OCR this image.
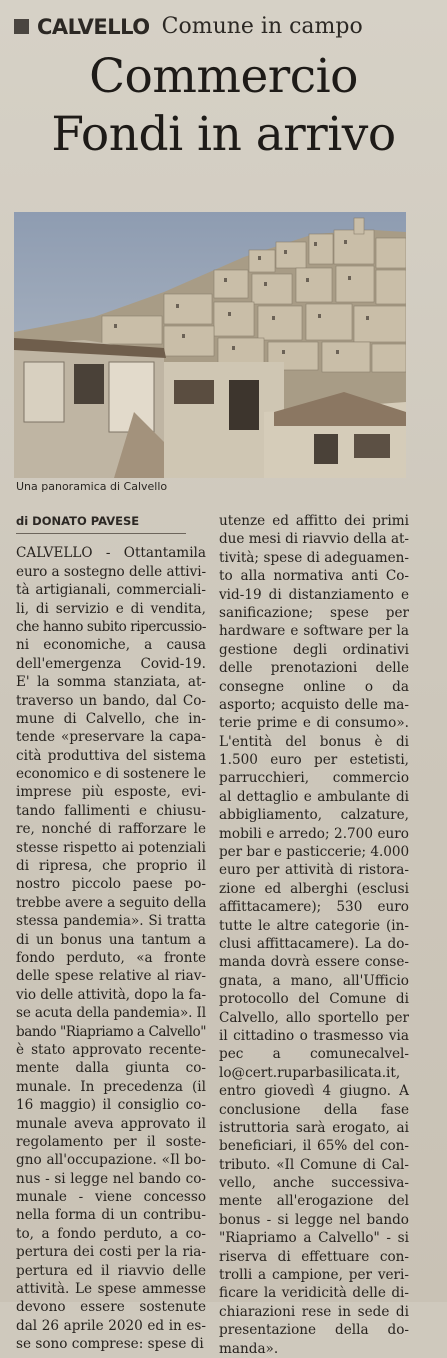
CALVELLO Comune in campo
Commercio
Fondi in arrivo
Una panoramica di Calvello
di DONATO PAVESE
CALVELLO - Ottantamila
euro a sostegno delle attivi-
tà artigianali, commerciali-
li, di servizio e di vendita,
che hanno subito ripercussio-
ni economiche, a causa
dell'emergenza Covid-19.
E' la somma stanziata, at-
traverso un bando, dal Co-
mune di Calvello, che in-
tende «preservare la capa-
cità produttiva del sistema
economico e di sostenere le
imprese più esposte, evi-
tando fallimenti e chiusu-
re, nonché di rafforzare le
stesse rispetto ai potenziali
di ripresa, che proprio il
nostro piccolo paese po-
trebbe avere a seguito della
stessa pandemia». Si tratta
di un bonus una tantum a
fondo perduto, «a fronte
delle spese relative al riav-
vio delle attività, dopo la fa-
se acuta della pandemia». Il
bando "Riapriamo a Calvello"
è stato approvato recente-
mente dalla giunta co-
munale. In precedenza (il
16 maggio) il consiglio co-
munale aveva approvato il
regolamento per il soste-
gno all'occupazione. «Il bo-
nus - si legge nel bando co-
munale - viene concesso
nella forma di un contribu-
to, a fondo perduto, a co-
pertura dei costi per la ria-
pertura ed il riavvio delle
attività. Le spese ammesse
devono essere sostenute
dal 26 aprile 2020 ed in es-
se sono comprese: spese di
utenze ed affitto dei primi
due mesi di riavvio della at-
tività; spese di adeguamen-
to alla normativa anti Co-
vid-19 di distanziamento e
sanificazione; spese per
hardware e software per la
gestione degli ordinativi
delle prenotazioni delle
consegne online o da
asporto; acquisto delle ma-
terie prime e di consumo».
L'entità del bonus è di
1.500 euro per estetisti,
parrucchieri, commercio
al dettaglio e ambulante di
abbigliamento, calzature,
mobili e arredo; 2.700 euro
per bar e pasticcerie; 4.000
euro per attività di ristora-
zione ed alberghi (esclusi
affittacamere); 530 euro
tutte le altre categorie (in-
clusi affittacamere). La do-
manda dovrà essere conse-
gnata, a mano, all'Ufficio
protocollo del Comune di
Calvello, allo sportello per
il cittadino o trasmesso via
pec a comunecalvel-
lo@cert.ruparbasilicata.it,
entro giovedì 4 giugno. A
conclusione della fase
istruttoria sarà erogato, ai
beneficiari, il 65% del con-
tributo. «Il Comune di Cal-
vello, anche successiva-
mente all'erogazione del
bonus - si legge nel bando
"Riapriamo a Calvello" - si
riserva di effettuare con-
trolli a campione, per veri-
ficare la veridicità delle di-
chiarazioni rese in sede di
presentazione della do-
manda».
